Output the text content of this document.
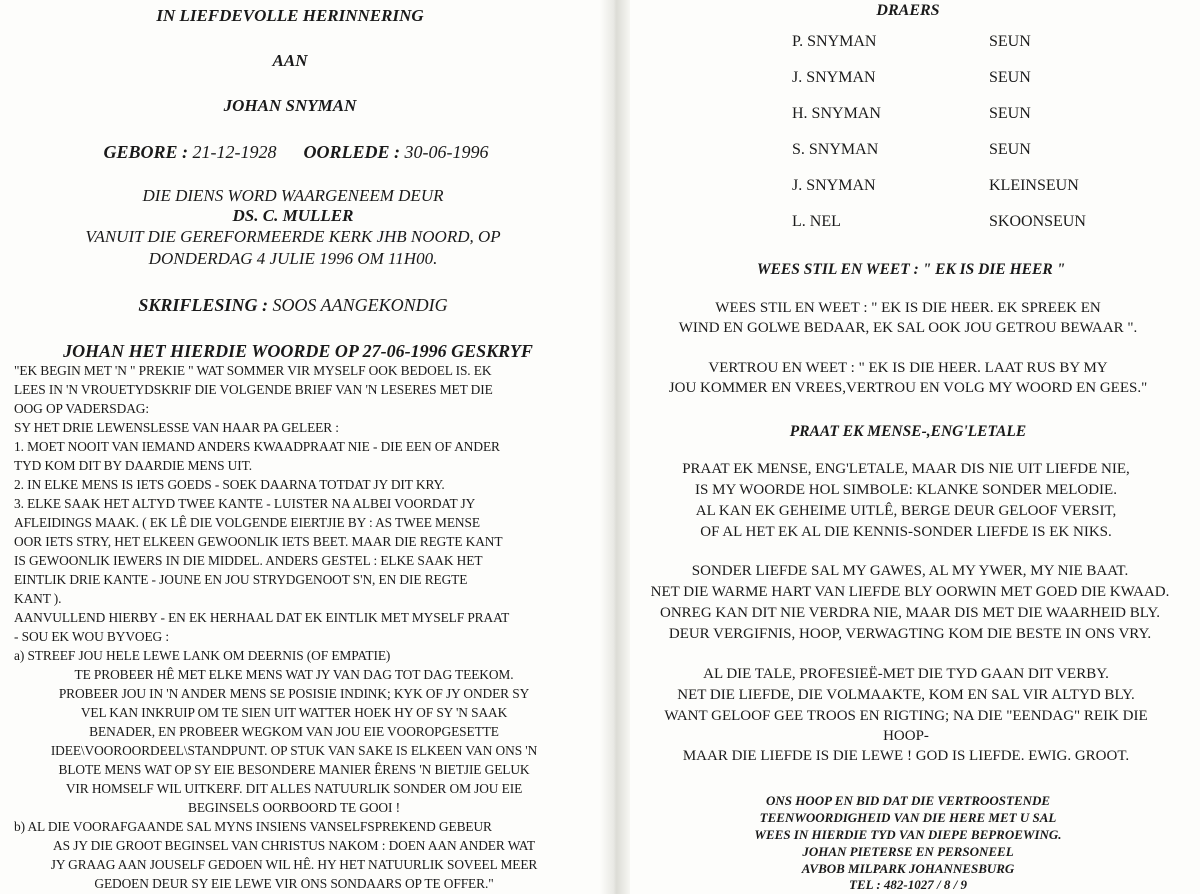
IN LIEFDEVOLLE HERINNERING
AAN
JOHAN SNYMAN
GEBORE : 21-12-1928 OORLEDE : 30-06-1996
DIE DIENS WORD WAARGENEEM DEUR
DS. C. MULLER
VANUIT DIE GEREFORMEERDE KERK JHB NOORD, OP
DONDERDAG 4 JULIE 1996 OM 11H00.
SKRIFLESING : SOOS AANGEKONDIG
JOHAN HET HIERDIE WOORDE OP 27-06-1996 GESKRYF
"EK BEGIN MET 'N " PREKIE " WAT SOMMER VIR MYSELF OOK BEDOEL IS. EK
LEES IN 'N VROUETYDSKRIF DIE VOLGENDE BRIEF VAN 'N LESERES MET DIE
OOG OP VADERSDAG:
SY HET DRIE LEWENSLESSE VAN HAAR PA GELEER :
1. MOET NOOIT VAN IEMAND ANDERS KWAADPRAAT NIE - DIE EEN OF ANDER
TYD KOM DIT BY DAARDIE MENS UIT.
2. IN ELKE MENS IS IETS GOEDS - SOEK DAARNA TOTDAT JY DIT KRY.
3. ELKE SAAK HET ALTYD TWEE KANTE - LUISTER NA ALBEI VOORDAT JY
AFLEIDINGS MAAK. ( EK LÊ DIE VOLGENDE EIERTJIE BY : AS TWEE MENSE
OOR IETS STRY, HET ELKEEN GEWOONLIK IETS BEET. MAAR DIE REGTE KANT
IS GEWOONLIK IEWERS IN DIE MIDDEL. ANDERS GESTEL : ELKE SAAK HET
EINTLIK DRIE KANTE - JOUNE EN JOU STRYDGENOOT S'N, EN DIE REGTE
KANT ).
AANVULLEND HIERBY - EN EK HERHAAL DAT EK EINTLIK MET MYSELF PRAAT
- SOU EK WOU BYVOEG :
a) STREEF JOU HELE LEWE LANK OM DEERNIS (OF EMPATIE)
TE PROBEER HÊ MET ELKE MENS WAT JY VAN DAG TOT DAG TEEKOM.
PROBEER JOU IN 'N ANDER MENS SE POSISIE INDINK; KYK OF JY ONDER SY
VEL KAN INKRUIP OM TE SIEN UIT WATTER HOEK HY OF SY 'N SAAK
BENADER, EN PROBEER WEGKOM VAN JOU EIE VOOROPGESETTE
IDEE\VOOROORDEEL\STANDPUNT. OP STUK VAN SAKE IS ELKEEN VAN ONS 'N
BLOTE MENS WAT OP SY EIE BESONDERE MANIER ÊRENS 'N BIETJIE GELUK
VIR HOMSELF WIL UITKERF. DIT ALLES NATUURLIK SONDER OM JOU EIE
BEGINSELS OORBOORD TE GOOI !
b) AL DIE VOORAFGAANDE SAL MYNS INSIENS VANSELFSPREKEND GEBEUR
AS JY DIE GROOT BEGINSEL VAN CHRISTUS NAKOM : DOEN AAN ANDER WAT
JY GRAAG AAN JOUSELF GEDOEN WIL HÊ. HY HET NATUURLIK SOVEEL MEER
GEDOEN DEUR SY EIE LEWE VIR ONS SONDAARS OP TE OFFER."
DRAERS
P. SNYMAN	SEUN
J. SNYMAN	SEUN
H. SNYMAN	SEUN
S. SNYMAN	SEUN
J. SNYMAN	KLEINSEUN
L. NEL	SKOONSEUN
WEES STIL EN WEET : " EK IS DIE HEER "
WEES STIL EN WEET : " EK IS DIE HEER. EK SPREEK EN
WIND EN GOLWE BEDAAR, EK SAL OOK JOU GETROU BEWAAR ".
VERTROU EN WEET : " EK IS DIE HEER. LAAT RUS BY MY
JOU KOMMER EN VREES,VERTROU EN VOLG MY WOORD EN GEES."
PRAAT EK MENSE-,ENG'LETALE
PRAAT EK MENSE, ENG'LETALE, MAAR DIS NIE UIT LIEFDE NIE,
IS MY WOORDE HOL SIMBOLE: KLANKE SONDER MELODIE.
AL KAN EK GEHEIME UITLÊ, BERGE DEUR GELOOF VERSIT,
OF AL HET EK AL DIE KENNIS-SONDER LIEFDE IS EK NIKS.
SONDER LIEFDE SAL MY GAWES, AL MY YWER, MY NIE BAAT.
NET DIE WARME HART VAN LIEFDE BLY OORWIN MET GOED DIE KWAAD.
ONREG KAN DIT NIE VERDRA NIE, MAAR DIS MET DIE WAARHEID BLY.
DEUR VERGIFNIS, HOOP, VERWAGTING KOM DIE BESTE IN ONS VRY.
AL DIE TALE, PROFESIEË-MET DIE TYD GAAN DIT VERBY.
NET DIE LIEFDE, DIE VOLMAAKTE, KOM EN SAL VIR ALTYD BLY.
WANT GELOOF GEE TROOS EN RIGTING; NA DIE "EENDAG" REIK DIE
HOOP-
MAAR DIE LIEFDE IS DIE LEWE ! GOD IS LIEFDE. EWIG. GROOT.
ONS HOOP EN BID DAT DIE VERTROOSTENDE
TEENWOORDIGHEID VAN DIE HERE MET U SAL
WEES IN HIERDIE TYD VAN DIEPE BEPROEWING.
JOHAN PIETERSE EN PERSONEEL
AVBOB MILPARK JOHANNESBURG
TEL : 482-1027 / 8 / 9
